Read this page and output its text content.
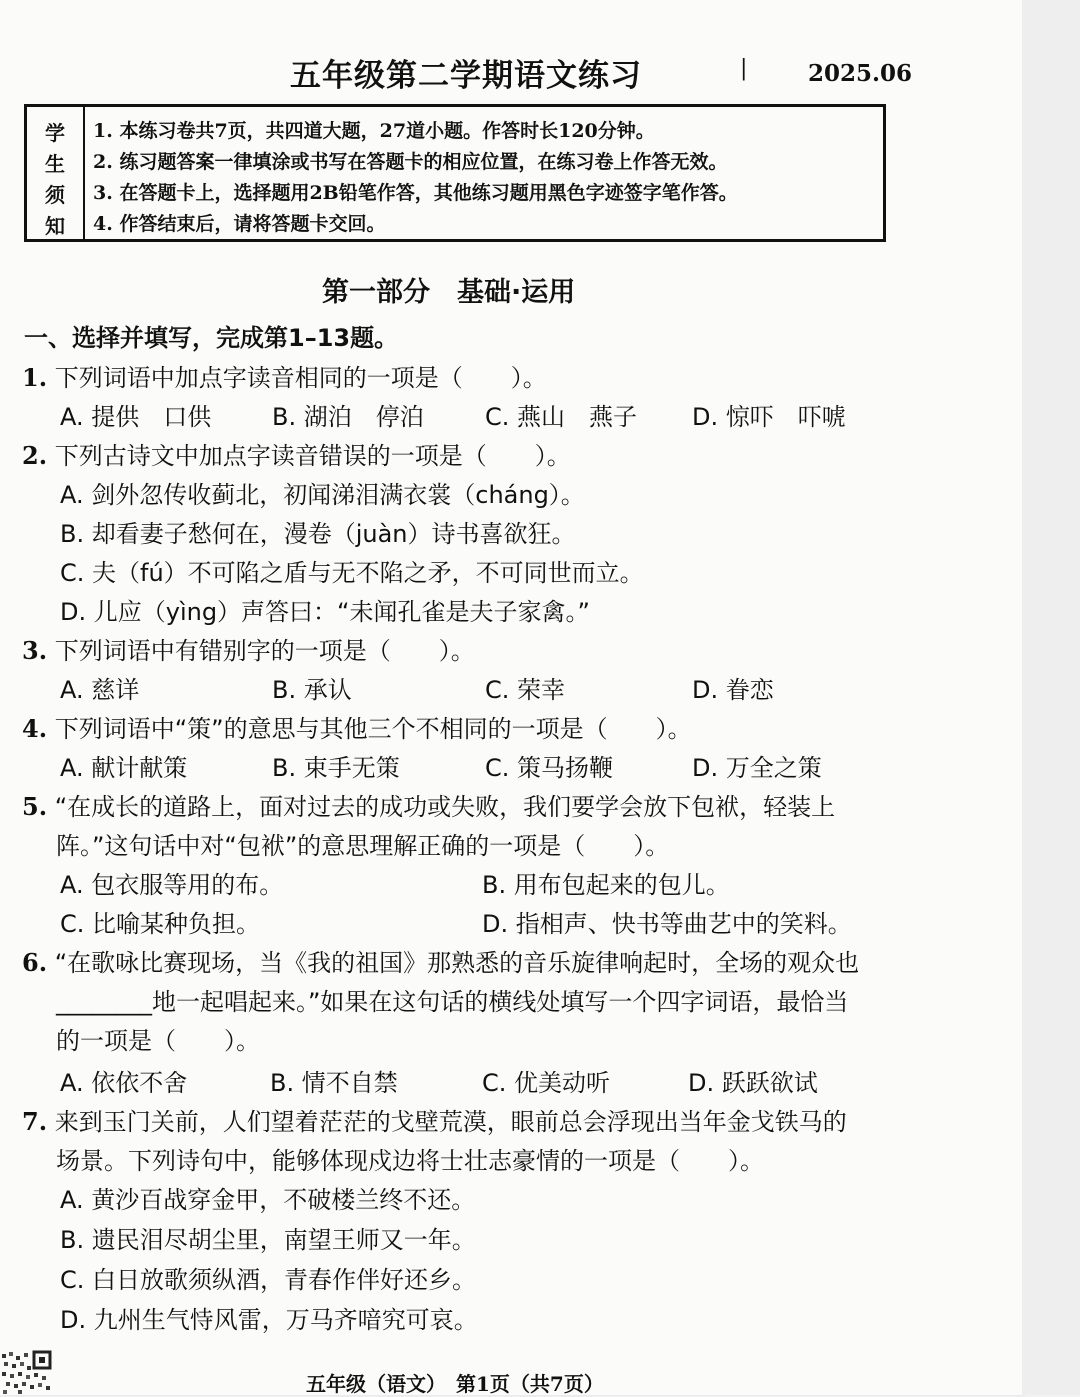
五年级第二学期语文练习	|	2025.06
学
生
须
知
1. 本练习卷共7页，共四道大题，27道小题。作答时长120分钟。
2. 练习题答案一律填涂或书写在答题卡的相应位置，在练习卷上作答无效。
3. 在答题卡上，选择题用2B铅笔作答，其他练习题用黑色字迹签字笔作答。
4. 作答结束后，请将答题卡交回。
第一部分　基础·运用
一、选择并填写，完成第1–13题。
1. 下列词语中加点字读音相同的一项是（　　）。
A. 提供　口供	B. 湖泊　停泊	C. 燕山　燕子 D. 惊吓　吓唬
2. 下列古诗文中加点字读音错误的一项是（　　）。
A. 剑外忽传收蓟北，初闻涕泪满衣裳（cháng）。
B. 却看妻子愁何在，漫卷（juàn）诗书喜欲狂。
C. 夫（fú）不可陷之盾与无不陷之矛，不可同世而立。
D. 儿应（yìng）声答曰：“未闻孔雀是夫子家禽。”
3. 下列词语中有错别字的一项是（　　）。
A. 慈详	B. 承认	C. 荣幸	D. 眷恋
4. 下列词语中“策”的意思与其他三个不相同的一项是（　　）。
A. 献计献策	B. 束手无策	C. 策马扬鞭	D. 万全之策
5. “在成长的道路上，面对过去的成功或失败，我们要学会放下包袱，轻装上
阵。”这句话中对“包袱”的意思理解正确的一项是（　　）。
A. 包衣服等用的布。	B. 用布包起来的包儿。
C. 比喻某种负担。	D. 指相声、快书等曲艺中的笑料。
6. “在歌咏比赛现场，当《我的祖国》那熟悉的音乐旋律响起时，全场的观众也
________地一起唱起来。”如果在这句话的横线处填写一个四字词语，最恰当
的一项是（　　）。
A. 依依不舍	B. 情不自禁	C. 优美动听	D. 跃跃欲试
7. 来到玉门关前，人们望着茫茫的戈壁荒漠，眼前总会浮现出当年金戈铁马的
场景。下列诗句中，能够体现戍边将士壮志豪情的一项是（　　）。
A. 黄沙百战穿金甲，不破楼兰终不还。
B. 遗民泪尽胡尘里，南望王师又一年。
C. 白日放歌须纵酒，青春作伴好还乡。
D. 九州生气恃风雷，万马齐喑究可哀。
五年级（语文）　第1页（共7页）
